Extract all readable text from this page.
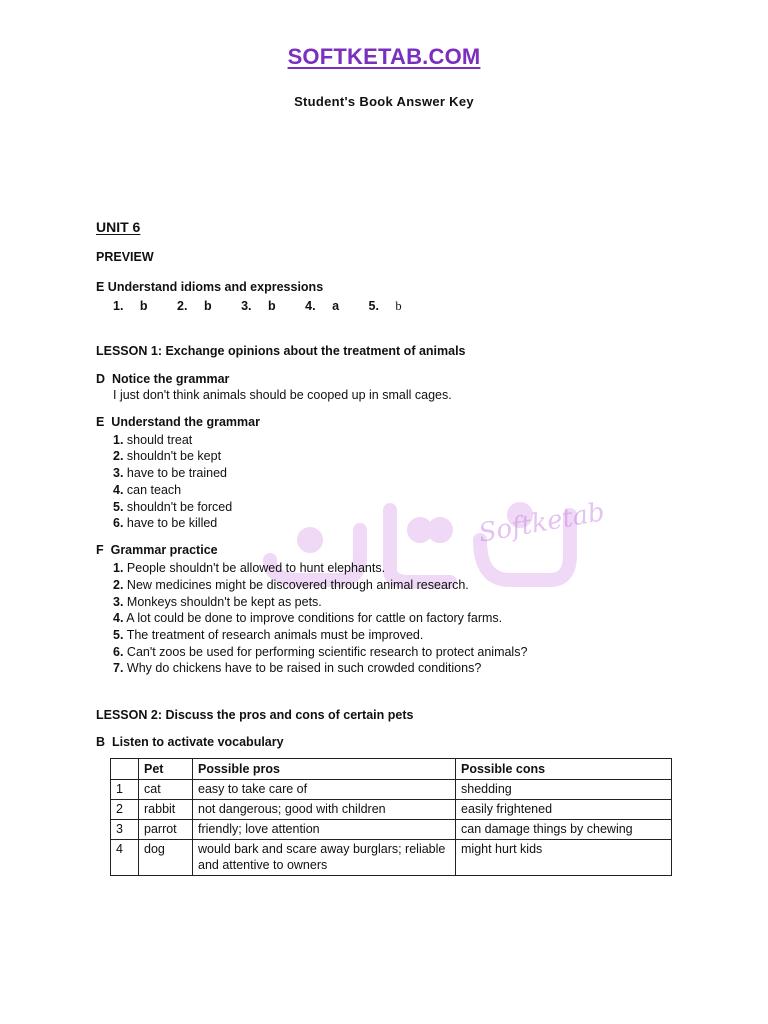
SOFTKETAB.COM
Student's Book Answer Key
UNIT 6
PREVIEW
E Understand idioms and expressions
1. b 2. b 3. b 4. a 5. b
LESSON 1: Exchange opinions about the treatment of animals
D Notice the grammar
I just don't think animals should be cooped up in small cages.
E Understand the grammar
1. should treat
2. shouldn't be kept
3. have to be trained
4. can teach
5. shouldn't be forced
6. have to be killed	Softketab
F Grammar practice
1. People shouldn't be allowed to hunt elephants.
2. New medicines might be discovered through animal research.
3. Monkeys shouldn't be kept as pets.
4. A lot could be done to improve conditions for cattle on factory farms.
5. The treatment of research animals must be improved.
6. Can't zoos be used for performing scientific research to protect animals?
7. Why do chickens have to be raised in such crowded conditions?
LESSON 2: Discuss the pros and cons of certain pets
B Listen to activate vocabulary
	Pet	Possible pros	Possible cons
1	cat	easy to take care of	shedding
2	rabbit	not dangerous; good with children	easily frightened
3	parrot	friendly; love attention	can damage things by chewing
4	dog	would bark and scare away burglars; reliable and attentive to owners	might hurt kids
